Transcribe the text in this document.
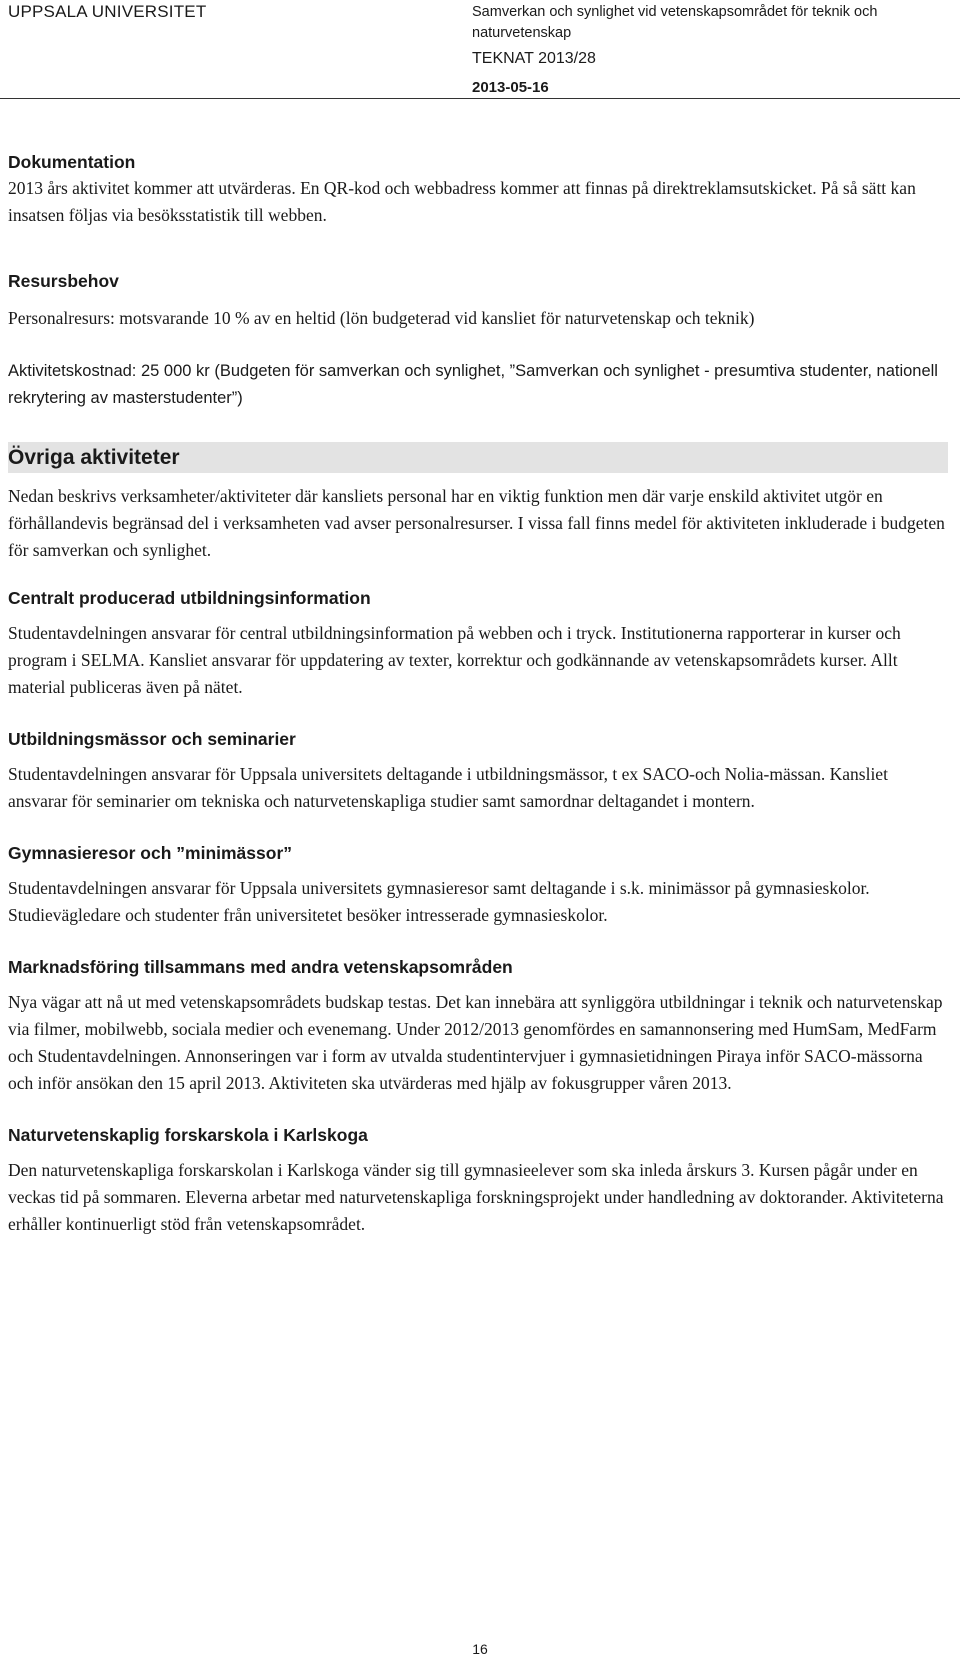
UPPSALA UNIVERSITET	Samverkan och synlighet vid vetenskapsområdet för teknik och naturvetenskap
TEKNAT 2013/28
2013-05-16
Dokumentation

2013 års aktivitet kommer att utvärderas. En QR-kod och webbadress kommer att finnas på direktreklamsutskicket. På så sätt kan insatsen följas via besöksstatistik till webben.

Resursbehov

Personalresurs: motsvarande 10 % av en heltid (lön budgeterad vid kansliet för naturvetenskap och teknik)

Aktivitetskostnad: 25 000 kr (Budgeten för samverkan och synlighet, ”Samverkan och synlighet - presumtiva studenter, nationell rekrytering av masterstudenter”)

Övriga aktiviteter

Nedan beskrivs verksamheter/aktiviteter där kansliets personal har en viktig funktion men där varje enskild aktivitet utgör en förhållandevis begränsad del i verksamheten vad avser personalresurser. I vissa fall finns medel för aktiviteten inkluderade i budgeten för samverkan och synlighet.

Centralt producerad utbildningsinformation

Studentavdelningen ansvarar för central utbildningsinformation på webben och i tryck. Institutionerna rapporterar in kurser och program i SELMA. Kansliet ansvarar för uppdatering av texter, korrektur och godkännande av vetenskapsområdets kurser. Allt material publiceras även på nätet.

Utbildningsmässor och seminarier

Studentavdelningen ansvarar för Uppsala universitets deltagande i utbildningsmässor, t ex SACO-och Nolia-mässan. Kansliet ansvarar för seminarier om tekniska och naturvetenskapliga studier samt samordnar deltagandet i montern.

Gymnasieresor och ”minimässor”

Studentavdelningen ansvarar för Uppsala universitets gymnasieresor samt deltagande i s.k. minimässor på gymnasieskolor. Studievägledare och studenter från universitetet besöker intresserade gymnasieskolor.

Marknadsföring tillsammans med andra vetenskapsområden

Nya vägar att nå ut med vetenskapsområdets budskap testas. Det kan innebära att synliggöra utbildningar i teknik och naturvetenskap via filmer, mobilwebb, sociala medier och evenemang. Under 2012/2013 genomfördes en samannonsering med HumSam, MedFarm och Studentavdelningen. Annonseringen var i form av utvalda studentintervjuer i gymnasietidningen Piraya inför SACO-mässorna och inför ansökan den 15 april 2013. Aktiviteten ska utvärderas med hjälp av fokusgrupper våren 2013.

Naturvetenskaplig forskarskola i Karlskoga

Den naturvetenskapliga forskarskolan i Karlskoga vänder sig till gymnasieelever som ska inleda årskurs 3. Kursen pågår under en veckas tid på sommaren. Eleverna arbetar med naturvetenskapliga forskningsprojekt under handledning av doktorander. Aktiviteterna erhåller kontinuerligt stöd från vetenskapsområdet.

16
